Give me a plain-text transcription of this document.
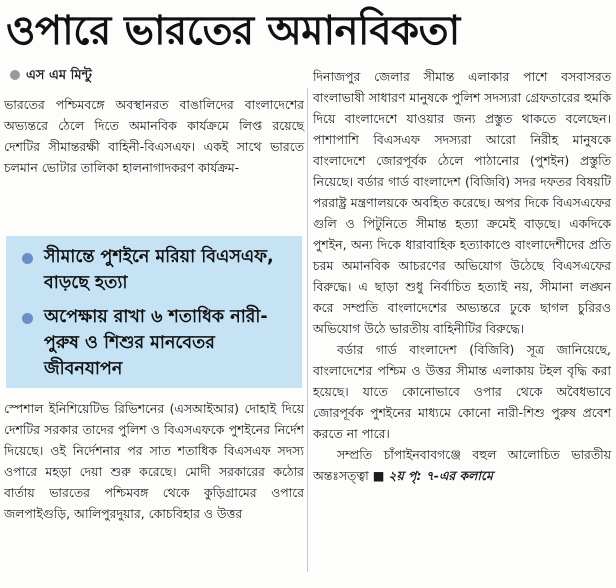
ওপারে ভারতের অমানবিকতা
এস এম মিন্টু

ভারতের পশ্চিমবঙ্গে অবস্থানরত বাঙালিদের বাংলাদেশের অভ্যন্তরে ঠেলে দিতে অমানবিক কার্যক্রমে লিপ্ত রয়েছে দেশটির সীমান্তরক্ষী বাহিনী-বিএসএফ। একই সাথে ভারতে চলমান ভোটার তালিকা হালনাগাদকরণ কার্যক্রম-

সীমান্তে পুশইনে মরিয়া বিএসএফ, বাড়ছে হত্যা
অপেক্ষায় রাখা ৬ শতাধিক নারী-পুরুষ ও শিশুর মানবেতর জীবনযাপন

স্পেশাল ইনিশিয়েটিভ রিভিশনের (এসআইআর) দোহাই দিয়ে দেশটির সরকার তাদের পুলিশ ও বিএসএফকে পুশইনের নির্দেশ দিয়েছে। ওই নির্দেশনার পর সাত শতাধিক বিএসএফ সদস্য ওপারে মহড়া দেয়া শুরু করেছে। মোদী সরকারের কঠোর বার্তায় ভারতের পশ্চিমবঙ্গ থেকে কুড়িগ্রামের ওপারে জলপাইগুড়ি, আলিপুরদুয়ার, কোচবিহার ও উত্তর

দিনাজপুর জেলার সীমান্ত এলাকার পাশে বসবাসরত বাংলাভাষী সাধারণ মানুষকে পুলিশ সদস্যরা গ্রেফতারের হুমকি দিয়ে বাংলাদেশে যাওয়ার জন্য প্রস্তুত থাকতে বলেছেন। পাশাপাশি বিএসএফ সদস্যরা আরো নিরীহ মানুষকে বাংলাদেশে জোরপূর্বক ঠেলে পাঠানোর (পুশইন) প্রস্তুতি নিয়েছে। বর্ডার গার্ড বাংলাদেশ (বিজিবি) সদর দফতর বিষয়টি পররাষ্ট্র মন্ত্রণালয়কে অবহিত করেছে। অপর দিকে বিএসএফের গুলি ও পিটুনিতে সীমান্ত হত্যা ক্রমেই বাড়ছে। একদিকে পুশইন, অন্য দিকে ধারাবাহিক হত্যাকাণ্ডে বাংলাদেশীদের প্রতি চরম অমানবিক আচরণের অভিযোগ উঠেছে বিএসএফের বিরুদ্ধে। এ ছাড়া শুধু নির্বাচিত হত্যাই নয়, সীমানা লঙ্ঘন করে সম্প্রতি বাংলাদেশের অভ্যন্তরে ঢুকে ছাগল চুরিরও অভিযোগ উঠে ভারতীয় বাহিনীটির বিরুদ্ধে।

বর্ডার গার্ড বাংলাদেশ (বিজিবি) সূত্র জানিয়েছে, বাংলাদেশের পশ্চিম ও উত্তর সীমান্ত এলাকায় টহল বৃদ্ধি করা হয়েছে। যাতে কোনোভাবে ওপার থেকে অবৈধভাবে জোরপূর্বক পুশইনের মাধ্যমে কোনো নারী-শিশু পুরুষ প্রবেশ করতে না পারে।

সম্প্রতি চাঁপাইনবাবগঞ্জে বহুল আলোচিত ভারতীয় অন্তঃসত্ত্বা ■ ২য় পৃ: ৭-এর কলামে
